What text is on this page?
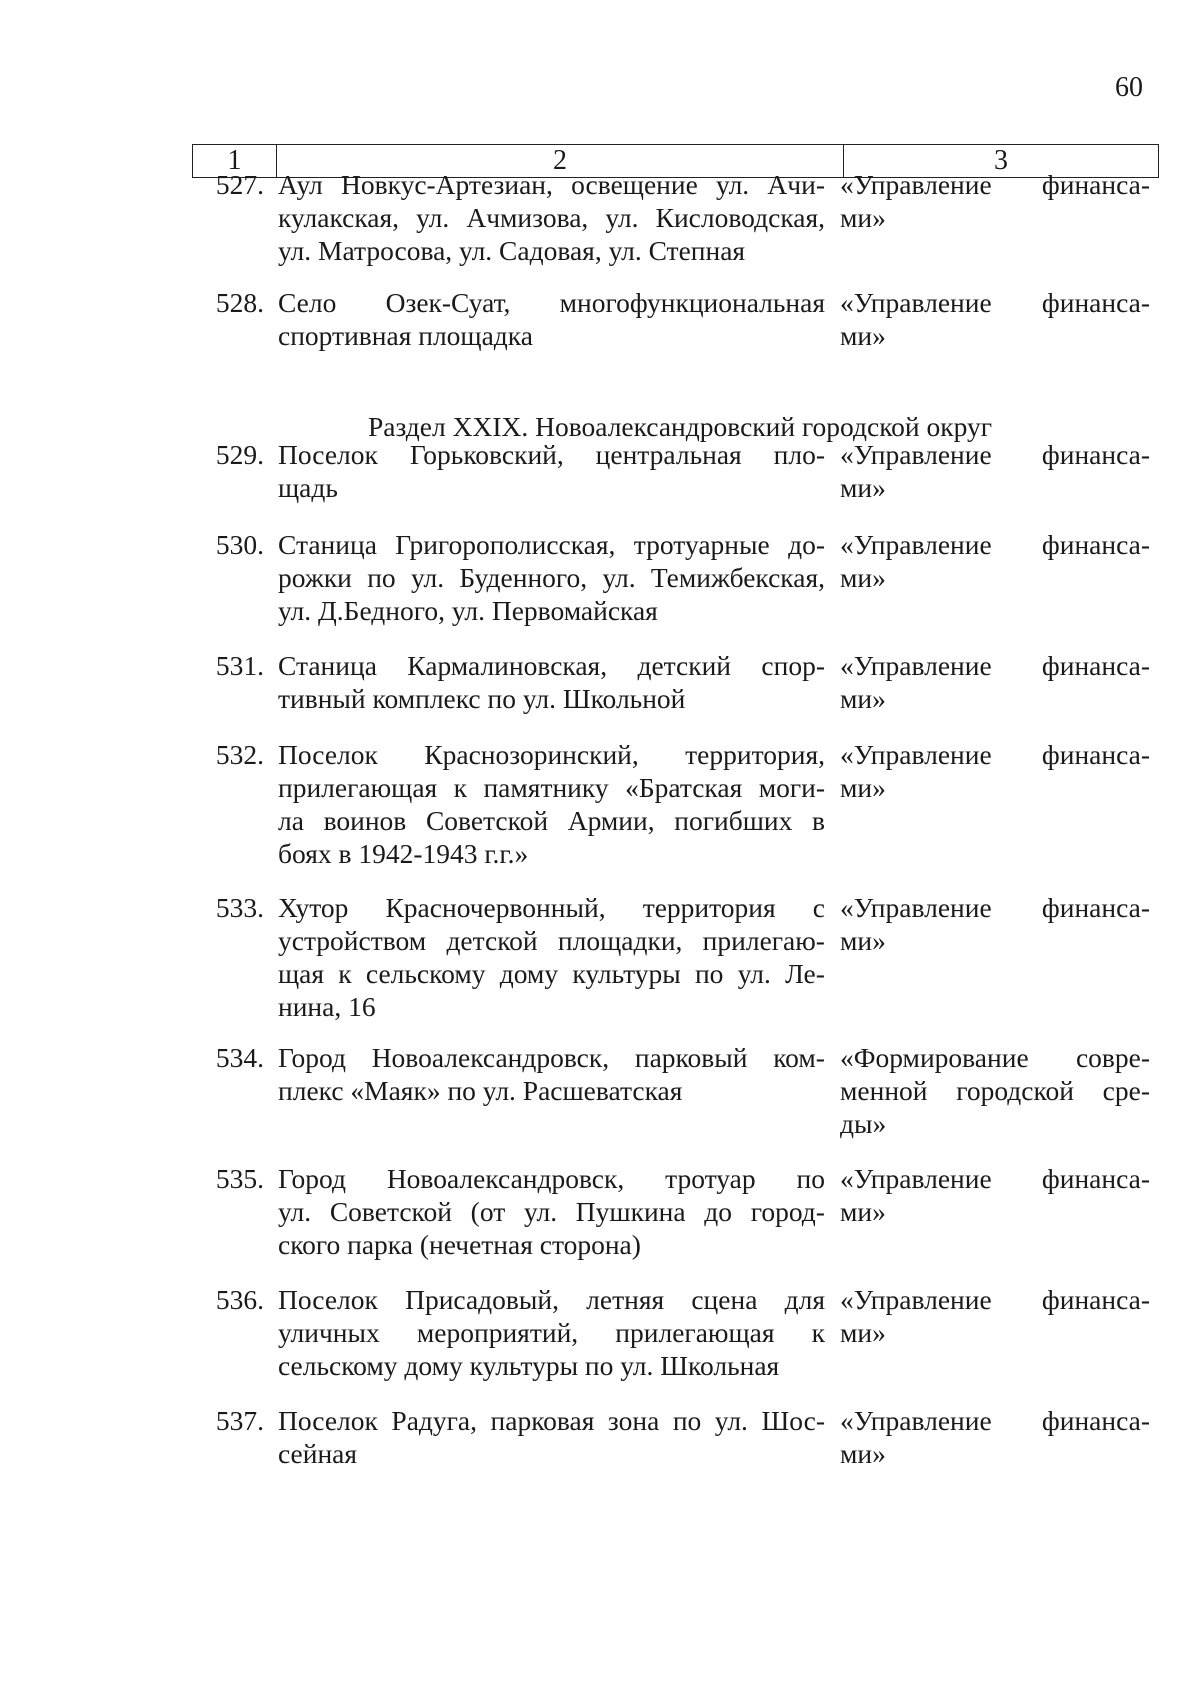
60
1	2	3
Раздел XXIX. Новоалександровский городской округ
527. Аул Новкус-Артезиан, освещение ул. Ачи-
кулакская, ул. Ачмизова, ул. Кисловодская,
ул. Матросова, ул. Садовая, ул. Степная
«Управление финанса-
ми»
528. Село Озек-Суат, многофункциональная
спортивная площадка
«Управление финанса-
ми»
529. Поселок Горьковский, центральная пло-
щадь
«Управление финанса-
ми»
530. Станица Григорополисская, тротуарные до-
рожки по ул. Буденного, ул. Темижбекская,
ул. Д.Бедного, ул. Первомайская
«Управление финанса-
ми»
531. Станица Кармалиновская, детский спор-
тивный комплекс по ул. Школьной
«Управление финанса-
ми»
532. Поселок Краснозоринский, территория,
прилегающая к памятнику «Братская моги-
ла воинов Советской Армии, погибших в
боях в 1942-1943 г.г.»
«Управление финанса-
ми»
533. Хутор Красночервонный, территория с
устройством детской площадки, прилегаю-
щая к сельскому дому культуры по ул. Ле-
нина, 16
«Управление финанса-
ми»
534. Город Новоалександровск, парковый ком-
плекс «Маяк» по ул. Расшеватская
«Формирование совре-
менной городской сре-
ды»
535. Город Новоалександровск, тротуар по
ул. Советской (от ул. Пушкина до город-
ского парка (нечетная сторона)
«Управление финанса-
ми»
536. Поселок Присадовый, летняя сцена для
уличных мероприятий, прилегающая к
сельскому дому культуры по ул. Школьная
«Управление финанса-
ми»
537. Поселок Радуга, парковая зона по ул. Шос-
сейная
«Управление финанса-
ми»
